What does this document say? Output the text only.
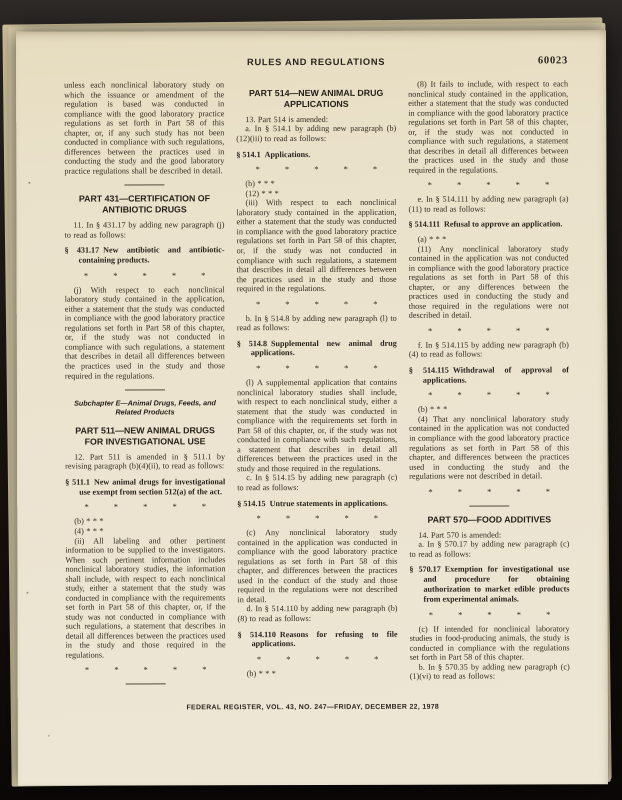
RULES AND REGULATIONS	60023
unless each nonclinical laboratory study on which the issuance or amendment of the regulation is based was conducted in compliance with the good laboratory practice regulations as set forth in Part 58 of this chapter, or, if any such study has not been conducted in compliance with such regulations, differences between the practices used in conducting the study and the good laboratory practice regulations shall be described in detail.
PART 431—CERTIFICATION OF ANTIBIOTIC DRUGS
11. In § 431.17 by adding new paragraph (j) to read as follows:
§ 431.17 New antibiotic and antibiotic-containing products.
*	*	*	*	*
(j) With respect to each nonclinical laboratory study contained in the application, either a statement that the study was conducted in compliance with the good laboratory practice regulations set forth in Part 58 of this chapter, or, if the study was not conducted in compliance with such regulations, a statement that describes in detail all differences between the practices used in the study and those required in the regulations.
Subchapter E—Animal Drugs, Feeds, and Related Products
PART 511—NEW ANIMAL DRUGS FOR INVESTIGATIONAL USE
12. Part 511 is amended in § 511.1 by revising paragraph (b)(4)(ii), to read as follows:
§ 511.1 New animal drugs for investigational use exempt from section 512(a) of the act.
*	*	*	*	*
(b) * * *
(4) * * *
(ii) All labeling and other pertinent information to be supplied to the investigators. When such pertinent information includes nonclinical laboratory studies, the information shall include, with respect to each nonclinical study, either a statement that the study was conducted in compliance with the requirements set forth in Part 58 of this chapter, or, if the study was not conducted in compliance with such regulations, a statement that describes in detail all differences between the practices used in the study and those required in the regulations.
*	*	*	*	*
PART 514—NEW ANIMAL DRUG APPLICATIONS
13. Part 514 is amended:
a. In § 514.1 by adding new paragraph (b)(12)(iii) to read as follows:
§ 514.1 Applications.
*	*	*	*	*
(b) * * *
(12) * * *
(iii) With respect to each nonclinical laboratory study contained in the application, either a statement that the study was conducted in compliance with the good laboratory practice regulations set forth in Part 58 of this chapter, or, if the study was not conducted in compliance with such regulations, a statement that describes in detail all differences between the practices used in the study and those required in the regulations.
*	*	*	*	*
b. In § 514.8 by adding new paragraph (l) to read as follows:
§ 514.8 Supplemental new animal drug applications.
*	*	*	*	*
(l) A supplemental application that contains nonclinical laboratory studies shall include, with respect to each nonclinical study, either a statement that the study was conducted in compliance with the requirements set forth in Part 58 of this chapter, or, if the study was not conducted in compliance with such regulations, a statement that describes in detail all differences between the practices used in the study and those required in the regulations.
c. In § 514.15 by adding new paragraph (c) to read as follows:
§ 514.15 Untrue statements in applications.
*	*	*	*	*
(c) Any nonclinical laboratory study contained in the application was conducted in compliance with the good laboratory practice regulations as set forth in Part 58 of this chapter, and differences between the practices used in the conduct of the study and those required in the regulations were not described in detail.
d. In § 514.110 by adding new paragraph (b)(8) to read as follows:
§ 514.110 Reasons for refusing to file applications.
*	*	*	*	*
(b) * * *
(8) It fails to include, with respect to each nonclinical study contained in the application, either a statement that the study was conducted in compliance with the good laboratory practice regulations set forth in Part 58 of this chapter, or, if the study was not conducted in compliance with such regulations, a statement that describes in detail all differences between the practices used in the study and those required in the regulations.
*	*	*	*	*
e. In § 514.111 by adding new paragraph (a)(11) to read as follows:
§ 514.111 Refusal to approve an application.
(a) * * *
(11) Any nonclinical laboratory study contained in the application was not conducted in compliance with the good laboratory practice regulations as set forth in Part 58 of this chapter, or any differences between the practices used in conducting the study and those required in the regulations were not described in detail.
*	*	*	*	*
f. In § 514.115 by adding new paragraph (b)(4) to read as follows:
§ 514.115 Withdrawal of approval of applications.
*	*	*	*	*
(b) * * *
(4) That any nonclinical laboratory study contained in the application was not conducted in compliance with the good laboratory practice regulations as set forth in Part 58 of this chapter, and differences between the practices used in conducting the study and the regulations were not described in detail.
*	*	*	*	*
PART 570—FOOD ADDITIVES
14. Part 570 is amended:
a. In § 570.17 by adding new paragraph (c) to read as follows:
§ 570.17 Exemption for investigational use and procedure for obtaining authorization to market edible products from experimental animals.
*	*	*	*	*
(c) If intended for nonclinical laboratory studies in food-producing animals, the study is conducted in compliance with the regulations set forth in Part 58 of this chapter.
b. In § 570.35 by adding new paragraph (c)(1)(vi) to read as follows:
FEDERAL REGISTER, VOL. 43, NO. 247—FRIDAY, DECEMBER 22, 1978
